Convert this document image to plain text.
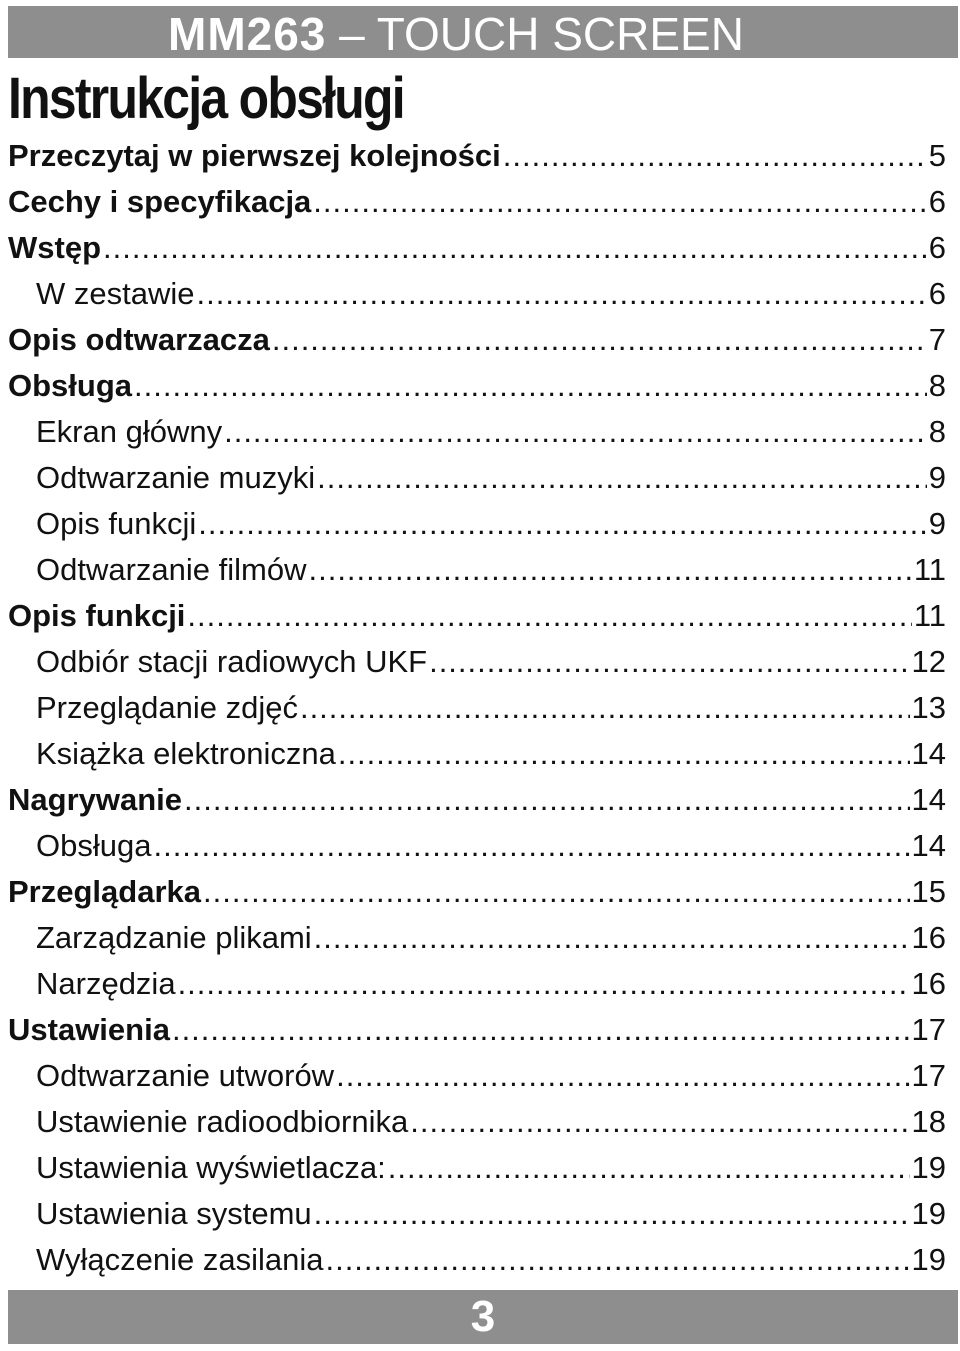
MM263 – TOUCH SCREEN
Instrukcja obsługi
Przeczytaj w pierwszej kolejności .....	5
Cechy i specyfikacja .....	6
Wstęp .....	6
W zestawie .....	6
Opis odtwarzacza .....	7
Obsługa .....	8
Ekran główny .....	8
Odtwarzanie muzyki .....	9
Opis funkcji .....	9
Odtwarzanie filmów .....	11
Opis funkcji .....	11
Odbiór stacji radiowych UKF .....	12
Przeglądanie zdjęć .....	13
Książka elektroniczna .....	14
Nagrywanie .....	14
Obsługa .....	14
Przeglądarka .....	15
Zarządzanie plikami .....	16
Narzędzia .....	16
Ustawienia .....	17
Odtwarzanie utworów .....	17
Ustawienie radioodbiornika .....	18
Ustawienia wyświetlacza: .....	19
Ustawienia systemu .....	19
Wyłączenie zasilania .....	19
3
